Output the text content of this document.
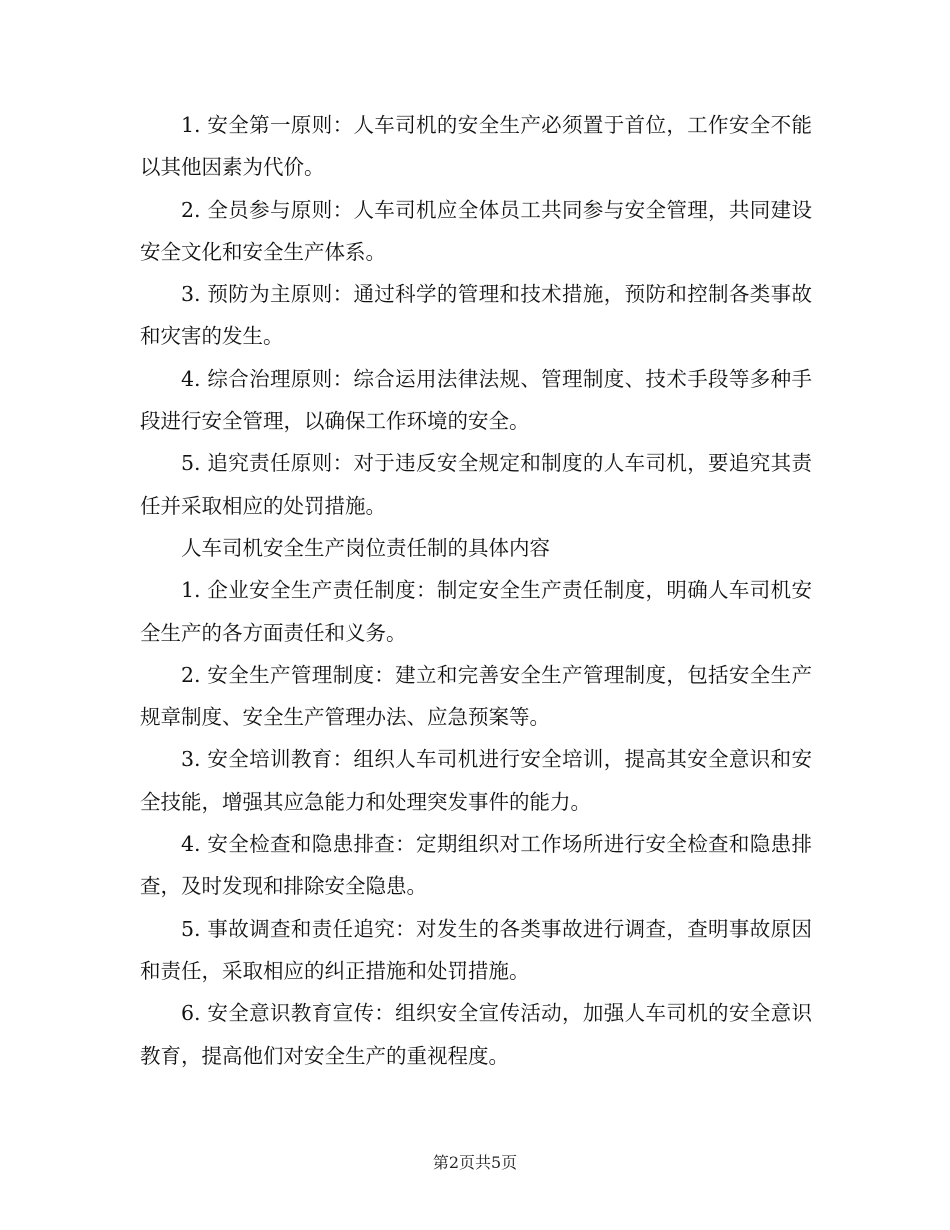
1. 安全第一原则：人车司机的安全生产必须置于首位，工作安全不能以其他因素为代价。

2. 全员参与原则：人车司机应全体员工共同参与安全管理，共同建设安全文化和安全生产体系。

3. 预防为主原则：通过科学的管理和技术措施，预防和控制各类事故和灾害的发生。

4. 综合治理原则：综合运用法律法规、管理制度、技术手段等多种手段进行安全管理，以确保工作环境的安全。

5. 追究责任原则：对于违反安全规定和制度的人车司机，要追究其责任并采取相应的处罚措施。

人车司机安全生产岗位责任制的具体内容

1. 企业安全生产责任制度：制定安全生产责任制度，明确人车司机安全生产的各方面责任和义务。

2. 安全生产管理制度：建立和完善安全生产管理制度，包括安全生产规章制度、安全生产管理办法、应急预案等。

3. 安全培训教育：组织人车司机进行安全培训，提高其安全意识和安全技能，增强其应急能力和处理突发事件的能力。

4. 安全检查和隐患排查：定期组织对工作场所进行安全检查和隐患排查，及时发现和排除安全隐患。

5. 事故调查和责任追究：对发生的各类事故进行调查，查明事故原因和责任，采取相应的纠正措施和处罚措施。

6. 安全意识教育宣传：组织安全宣传活动，加强人车司机的安全意识教育，提高他们对安全生产的重视程度。

第2页共5页
